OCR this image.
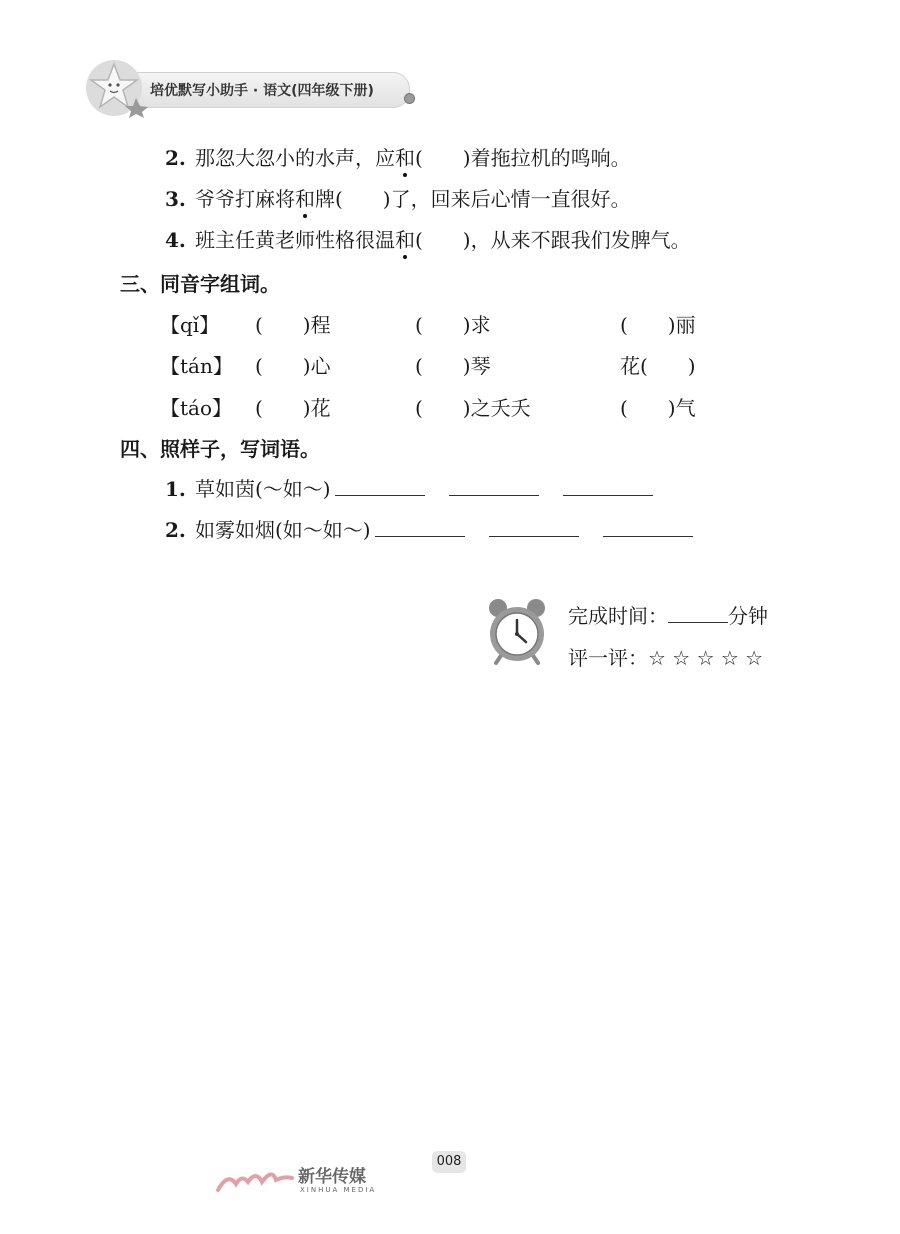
培优默写小助手 · 语文(四年级下册)
2. 那忽大忽小的水声，应和(　　)着拖拉机的鸣响。
3. 爷爷打麻将和牌(　　)了，回来后心情一直很好。
4. 班主任黄老师性格很温和(　　)，从来不跟我们发脾气。
三、同音字组词。
【qǐ】 (　　)程	(　　)求	(　　)丽
【tán】 (　　)心	(　　)琴	花(　　)
【táo】 (　　)花	(　　)之夭夭	(　　)气
四、照样子，写词语。
1. 草如茵(～如～)
2. 如雾如烟(如～如～)
完成时间：	分钟
评一评：☆ ☆ ☆ ☆ ☆
新华传媒
XINHUA MEDIA
008
